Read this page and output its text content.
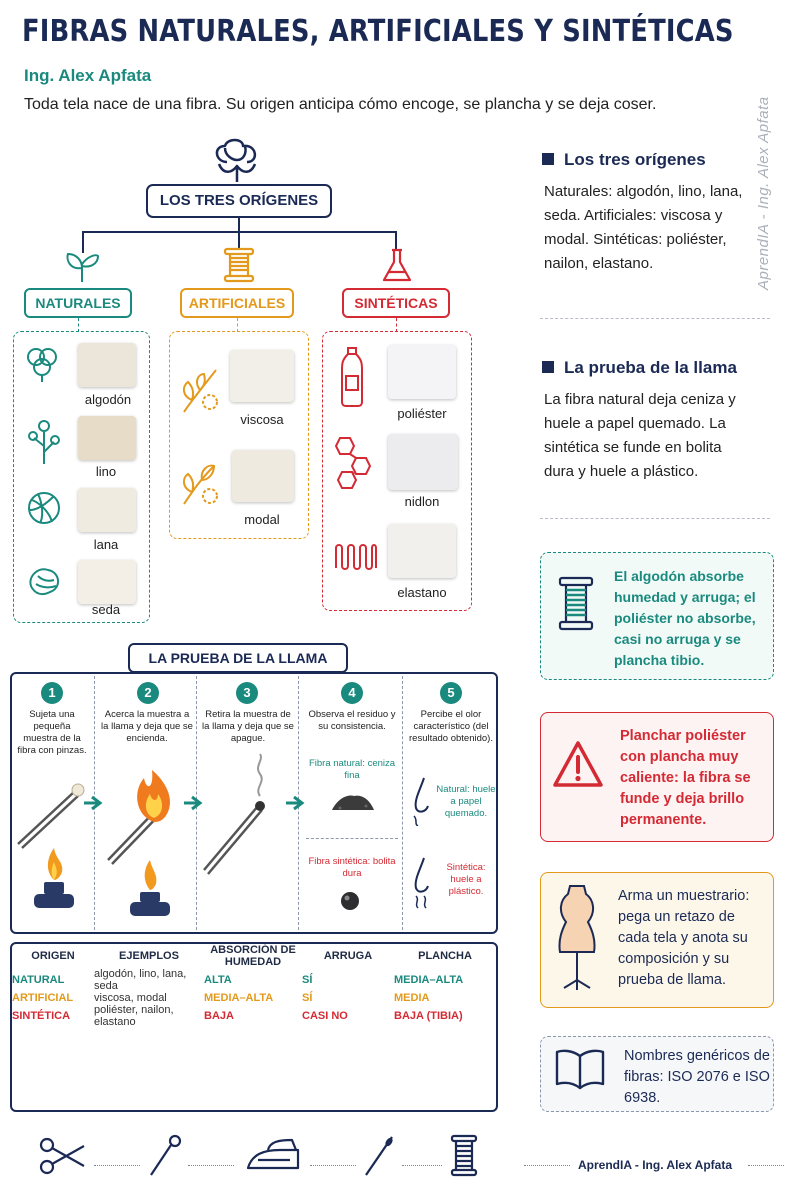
FIBRAS NATURALES, ARTIFICIALES Y SINTÉTICAS
Ing. Alex Apfata
Toda tela nace de una fibra. Su origen anticipa cómo encoge, se plancha y se deja coser.	AprendIA - Ing. Alex Apfata
LOS TRES ORÍGENES
NATURALES	ARTIFICIALES	SINTÉTICAS
algodón
lino
lana
seda
viscosa
modal
poliéster
nidlon
elastano
LA PRUEBA DE LA LLAMA
1
Sujeta una pequeña muestra de la fibra con pinzas.
2
Acerca la muestra a la llama y deja que se encienda.
3
Retira la muestra de la llama y deja que se apague.
4
Observa el residuo y su consistencia.
5
Percibe el olor característico (del resultado obtenido).
Fibra natural: ceniza fina
Fibra sintética: bolita dura
Natural: huele a papel quemado.
Sintética: huele a plástico.
ORIGEN	EJEMPLOS	ABSORCIÓN DE HUMEDAD	ARRUGA	PLANCHA
NATURAL	algodón, lino, lana, seda	ALTA	SÍ	MEDIA–ALTA
ARTIFICIAL	viscosa, modal	MEDIA–ALTA	SÍ	MEDIA
SINTÉTICA	poliéster, nailon, elastano	BAJA	CASI NO	BAJA (TIBIA)
Los tres orígenes
Naturales: algodón, lino, lana, seda. Artificiales: viscosa y modal. Sintéticas: poliéster, nailon, elastano.
La prueba de la llama
La fibra natural deja ceniza y huele a papel quemado. La sintética se funde en bolita dura y huele a plástico.
El algodón absorbe humedad y arruga; el poliéster no absorbe, casi no arruga y se plancha tibio.
Planchar poliéster con plancha muy caliente: la fibra se funde y deja brillo permanente.
Arma un muestrario: pega un retazo de cada tela y anota su composición y su prueba de llama.
Nombres genéricos de fibras: ISO 2076 e ISO 6938.
AprendIA - Ing. Alex Apfata
